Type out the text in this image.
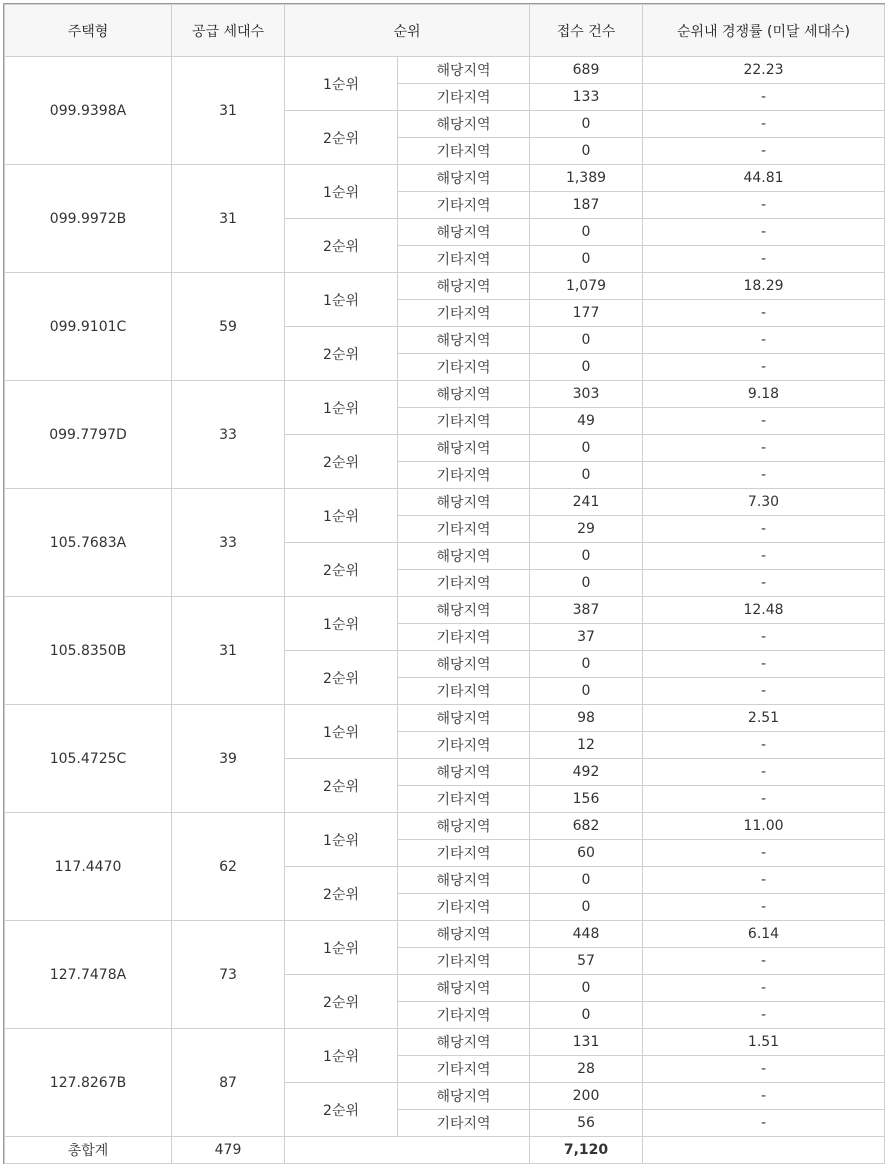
주택형	공급 세대수	순위		접수 건수	순위내 경쟁률 (미달 세대수)
099.9398A	31	1순위	해당지역	689	22.23
			기타지역	133	-
		2순위	해당지역	0	-
			기타지역	0	-
099.9972B	31	1순위	해당지역	1,389	44.81
			기타지역	187	-
		2순위	해당지역	0	-
			기타지역	0	-
099.9101C	59	1순위	해당지역	1,079	18.29
			기타지역	177	-
		2순위	해당지역	0	-
			기타지역	0	-
099.7797D	33	1순위	해당지역	303	9.18
			기타지역	49	-
		2순위	해당지역	0	-
			기타지역	0	-
105.7683A	33	1순위	해당지역	241	7.30
			기타지역	29	-
		2순위	해당지역	0	-
			기타지역	0	-
105.8350B	31	1순위	해당지역	387	12.48
			기타지역	37	-
		2순위	해당지역	0	-
			기타지역	0	-
105.4725C	39	1순위	해당지역	98	2.51
			기타지역	12	-
		2순위	해당지역	492	-
			기타지역	156	-
117.4470	62	1순위	해당지역	682	11.00
			기타지역	60	-
		2순위	해당지역	0	-
			기타지역	0	-
127.7478A	73	1순위	해당지역	448	6.14
			기타지역	57	-
		2순위	해당지역	0	-
			기타지역	0	-
127.8267B	87	1순위	해당지역	131	1.51
			기타지역	28	-
		2순위	해당지역	200	-
			기타지역	56	-
총합계	479			7,120	
